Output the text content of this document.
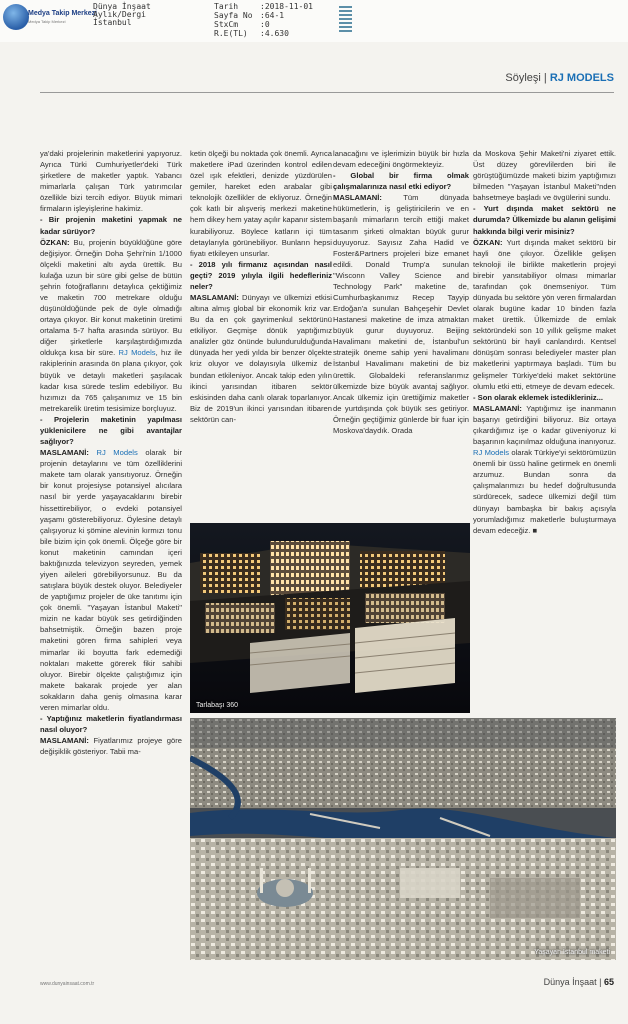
Medya Takip Merkezi
Medya Takip Merkezi
Dünya İnşaat
Aylık/Dergi
İstanbul
Tarih	:2018-11-01
Sayfa No :64-1
StxCm	:0
R.E(TL) :4.630
Söyleşi | RJ MODELS

ya'daki projelerinin maketlerini yapıyoruz. Ayrıca Türki Cumhuriyetler'deki Türk şirketlere de maketler yaptık. Yabancı mimarlarla çalışan Türk yatırımcılar özellikle bizi tercih ediyor. Büyük mimari firmaların işleyişlerine hakimiz.

- Bir projenin maketini yapmak ne kadar sürüyor?

ÖZKAN: Bu, projenin büyüklüğüne göre değişiyor. Örneğin Doha Şehri'nin 1/1000 ölçekli maketini altı ayda ürettik. Bu kulağa uzun bir süre gibi gelse de bütün şehrin fotoğraflarını detaylıca çektiğimiz ve maketin 700 metrekare olduğu düşünüldüğünde pek de öyle olmadığı ortaya çıkıyor. Bir konut maketinin üretimi ortalama 5-7 hafta arasında sürüyor. Bu diğer şirketlerle karşılaştırdığımızda oldukça kısa bir süre. RJ Models, hız ile rakiplerinin arasında ön plana çıkıyor, çok büyük ve detaylı maketleri şaşılacak kadar kısa sürede teslim edebiliyor. Bu hızımızı da 765 çalışanımız ve 15 bin metrekarelik üretim tesisimize borçluyuz.

- Projelerin maketinin yapılması yüklenicilere ne gibi avantajlar sağlıyor?

MASLAMANİ: RJ Models olarak bir projenin detaylarını ve tüm özelliklerini makete tam olarak yansıtıyoruz. Örneğin bir konut projesiyse potansiyel alıcılara nasıl bir yerde yaşayacaklarını birebir hissettirebiliyor, o evdeki potansiyel yaşamı gösterebiliyoruz. Öylesine detaylı çalışıyoruz ki şömine alevinin kırmızı tonu bile bizim için çok önemli. Ölçeğe göre bir konut maketinin camından içeri baktığınızda televizyon seyreden, yemek yiyen aileleri görebiliyorsunuz. Bu da satışlara büyük destek oluyor. Belediyeler de yaptığımız projeler de üke tanıtımı için çok önemli. "Yaşayan İstanbul Maketi" mizin ne kadar büyük ses getirdiğinden bahsetmiştik. Örneğin bazen proje maketini gören firma sahipleri veya mimarlar iki boyutta fark edemediği noktaları makette görerek fikir sahibi oluyor. Birebir ölçekte çalıştığımız için makete bakarak projede yer alan sokakların daha geniş olmasına karar veren mimarlar oldu.

- Yaptığınız maketlerin fiyatlandırması nasıl oluyor?

MASLAMANİ: Fiyatlarımız projeye göre değişiklik gösteriyor. Tabii ma-

ketin ölçeği bu noktada çok önemli. Ayrıca maketlere iPad üzerinden kontrol edilen özel ışık efektleri, denizde yüzdürülen gemiler, hareket eden arabalar gibi teknolojik özellikler de ekliyoruz. Örneğin çok katlı bir alışveriş merkezi maketine hem dikey hem yatay açılır kapanır sistem kurabiliyoruz. Böylece katların içi tüm detaylarıyla görünebiliyor. Bunların hepsi fiyatı etkileyen unsurlar.

- 2018 yılı firmanız açısından nasıl geçti? 2019 yılıyla ilgili hedefleriniz neler?

MASLAMANİ: Dünyayı ve ülkemizi etkisi altına almış global bir ekonomik kriz var. Bu da en çok gayrimenkul sektörünü etkiliyor. Geçmişe dönük yaptığımız analizler göz önünde bulundurulduğunda dünyada her yedi yılda bir benzer ölçekte kriz oluyor ve dolayısıyla ülkemiz de bundan etkileniyor. Ancak takip eden yılın ikinci yarısından itibaren sektör eskisinden daha canlı olarak toparlanıyor. Biz de 2019'un ikinci yarısından itibaren sektörün can-

lanacağını ve işlerimizin büyük bir hızla devam edeceğini öngörmekteyiz.

- Global bir firma olmak çalışmalarınıza nasıl etki ediyor?

MASLAMANİ: Tüm dünyada hükümetlerin, iş geliştiricilerin ve en başarılı mimarların tercih ettiği maket tasarım şirketi olmaktan büyük gurur duyuyoruz. Sayısız Zaha Hadid ve Foster&Partners projeleri bize emanet edildi. Donald Trump'a sunulan "Wisconn Valley Science and Technology Park" maketine de, Cumhurbaşkanımız Recep Tayyip Erdoğan'a sunulan Bahçeşehir Devlet Hastanesi maketine de imza atmaktan büyük gurur duyuyoruz. Beijing Havalimanı maketini de, İstanbul'un stratejik öneme sahip yeni havalimanı İstanbul Havalimanı maketini de biz ürettik. Globaldeki referanslarımız ülkemizde bize büyük avantaj sağlıyor. Ancak ülkemiz için ürettiğimiz maketler de yurtdışında çok büyük ses getiriyor. Örneğin geçtiğimiz günlerde bir fuar için Moskova'daydık. Orada

da Moskova Şehir Maketi'ni ziyaret ettik. Üst düzey görevlilerden biri ile görüştüğümüzde maketi bizim yaptığımızı bilmeden "Yaşayan İstanbul Maketi"nden bahsetmeye başladı ve övgülerini sundu.

- Yurt dışında maket sektörü ne durumda? Ülkemizde bu alanın gelişimi hakkında bilgi verir misiniz?

ÖZKAN: Yurt dışında maket sektörü bir hayli öne çıkıyor. Özellikle gelişen teknoloji ile birlikte maketlerin projeyi birebir yansıtabiliyor olması mimarlar tarafından çok önemseniyor. Tüm dünyada bu sektöre yön veren firmalardan olarak bugüne kadar 10 binden fazla maket ürettik. Ülkemizde de emlak sektöründeki son 10 yıllık gelişme maket sektörünü bir hayli canlandırdı. Kentsel dönüşüm sonrası belediyeler master plan maketlerini yaptırmaya başladı. Tüm bu gelişmeler Türkiye'deki maket sektörüne olumlu etki etti, etmeye de devam edecek.

- Son olarak eklemek istedikleriniz...

MASLAMANİ: Yaptığımız işe inanmanın başarıyı getirdiğini biliyoruz. Biz ortaya çıkardığımız işe o kadar güveniyoruz ki başarının kaçınılmaz olduğuna inanıyoruz. RJ Models olarak Türkiye'yi sektörümüzün önemli bir üssü haline getirmek en önemli arzumuz. Bundan sonra da çalışmalarımızı bu hedef doğrultusunda sürdürecek, sadece ülkemizi değil tüm dünyayı bambaşka bir bakış açısıyla yorumladığımız maketlerle buluşturmaya devam edeceğiz. ■

Tarlabaşı 360
Yaşayan İstanbul maketi
www.dunyainsaat.com.tr	Dünya İnşaat | 65
